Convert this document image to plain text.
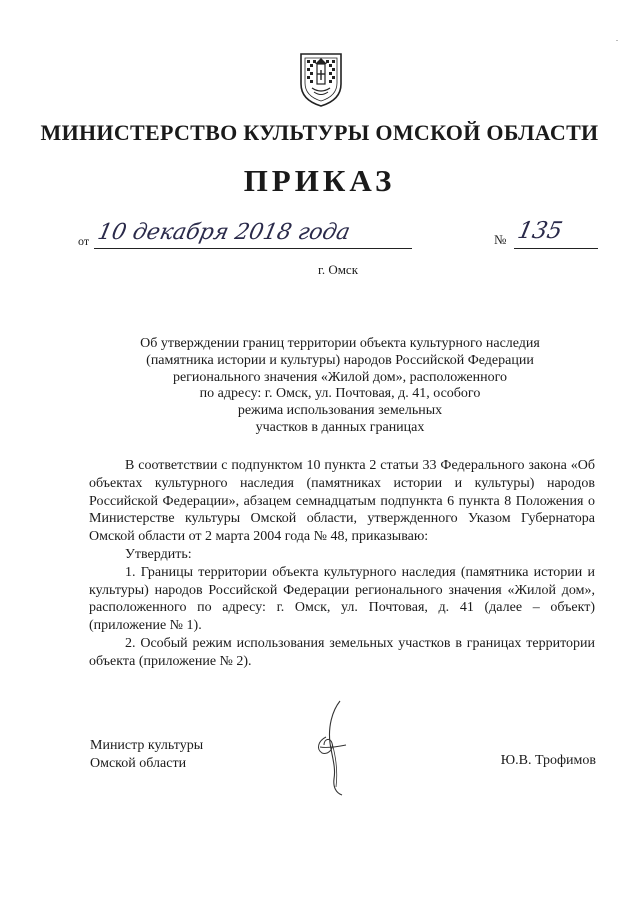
МИНИСТЕРСТВО КУЛЬТУРЫ ОМСКОЙ ОБЛАСТИ
ПРИКАЗ
от 10 декабря 2018 года	№ 135
г. Омск
Об утверждении границ территории объекта культурного наследия
(памятника истории и культуры) народов Российской Федерации
регионального значения «Жилой дом», расположенного
по адресу: г. Омск, ул. Почтовая, д. 41, особого
режима использования земельных
участков в данных границах

В соответствии с подпунктом 10 пункта 2 статьи 33 Федерального закона «Об объектах культурного наследия (памятниках истории и культуры) народов Российской Федерации», абзацем семнадцатым подпункта 6 пункта 8 Положения о Министерстве культуры Омской области, утвержденного Указом Губернатора Омской области от 2 марта 2004 года № 48, приказываю:

Утвердить:

1. Границы территории объекта культурного наследия (памятника истории и культуры) народов Российской Федерации регионального значения «Жилой дом», расположенного по адресу: г. Омск, ул. Почтовая, д. 41 (далее – объект) (приложение № 1).

2. Особый режим использования земельных участков в границах территории объекта (приложение № 2).

Министр культуры
Омской области	Ю.В. Трофимов
